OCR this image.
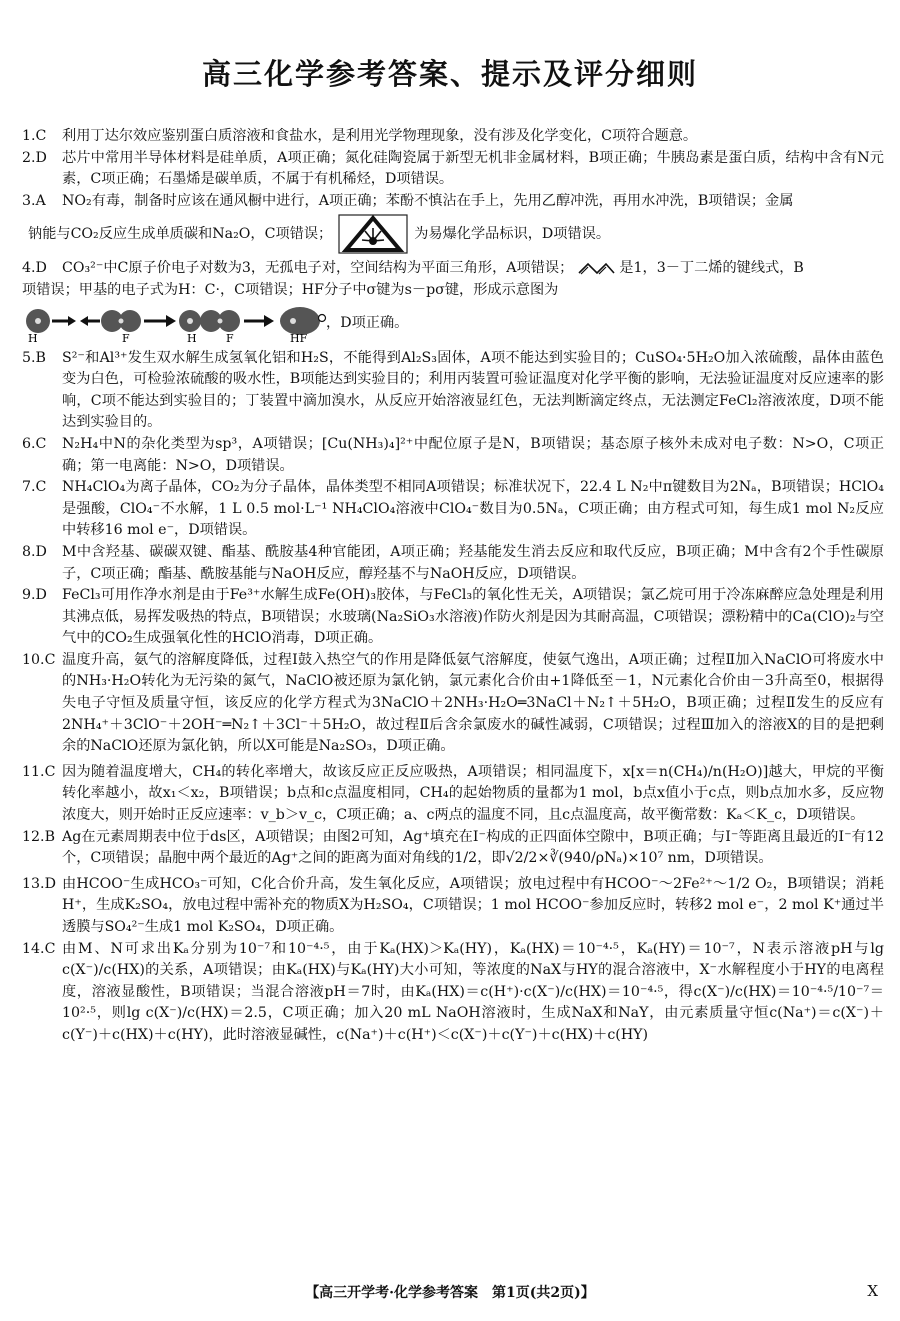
高三化学参考答案、提示及评分细则
1.C	利用丁达尔效应鉴别蛋白质溶液和食盐水，是利用光学物理现象，没有涉及化学变化，C项符合题意。
2.D	芯片中常用半导体材料是硅单质，A项正确；氮化硅陶瓷属于新型无机非金属材料，B项正确；牛胰岛素是蛋白质，结构中含有N元素，C项正确；石墨烯是碳单质，不属于有机稀烃，D项错误。
3.A	NO₂有毒，制备时应该在通风橱中进行，A项正确；苯酚不慎沾在手上，先用乙醇冲洗，再用水冲洗，B项错误；金属
钠能与CO₂反应生成单质碳和Na₂O，C项错误；	为易爆化学品标识，D项错误。
4.D	CO₃²⁻中C原子价电子对数为3，无孤电子对，空间结构为平面三角形，A项错误；	是1，3－丁二烯的键线式，B
项错误；甲基的电子式为H：C·，C项错误；HF分子中σ键为s－pσ键，形成示意图为
H	F
H	F	HF
，D项正确。
5.B	S²⁻和Al³⁺发生双水解生成氢氧化铝和H₂S，不能得到Al₂S₃固体，A项不能达到实验目的；CuSO₄·5H₂O加入浓硫酸，晶体由蓝色变为白色，可检验浓硫酸的吸水性，B项能达到实验目的；利用丙装置可验证温度对化学平衡的影响，无法验证温度对反应速率的影响，C项不能达到实验目的；丁装置中滴加溴水，从反应开始溶液显红色，无法判断滴定终点，无法测定FeCl₂溶液浓度，D项不能达到实验目的。
6.C	N₂H₄中N的杂化类型为sp³，A项错误；[Cu(NH₃)₄]²⁺中配位原子是N，B项错误；基态原子核外未成对电子数：N>O，C项正确；第一电离能：N>O，D项错误。
7.C	NH₄ClO₄为离子晶体，CO₂为分子晶体，晶体类型不相同A项错误；标准状况下，22.4 L N₂中π键数目为2Nₐ，B项错误；HClO₄是强酸，ClO₄⁻不水解，1 L 0.5 mol·L⁻¹ NH₄ClO₄溶液中ClO₄⁻数目为0.5Nₐ，C项正确；由方程式可知，每生成1 mol N₂反应中转移16 mol e⁻，D项错误。
8.D	M中含羟基、碳碳双键、酯基、酰胺基4种官能团，A项正确；羟基能发生消去反应和取代反应，B项正确；M中含有2个手性碳原子，C项正确；酯基、酰胺基能与NaOH反应，醇羟基不与NaOH反应，D项错误。
9.D	FeCl₃可用作净水剂是由于Fe³⁺水解生成Fe(OH)₃胶体，与FeCl₃的氧化性无关，A项错误；氯乙烷可用于冷冻麻醉应急处理是利用其沸点低，易挥发吸热的特点，B项错误；水玻璃(Na₂SiO₃水溶液)作防火剂是因为其耐高温，C项错误；漂粉精中的Ca(ClO)₂与空气中的CO₂生成强氧化性的HClO消毒，D项正确。
10.C 温度升高，氨气的溶解度降低，过程Ⅰ鼓入热空气的作用是降低氨气溶解度，使氨气逸出，A项正确；过程Ⅱ加入NaClO可将废水中的NH₃·H₂O转化为无污染的氮气，NaClO被还原为氯化钠，氯元素化合价由+1降低至－1，N元素化合价由－3升高至0，根据得失电子守恒及质量守恒，该反应的化学方程式为3NaClO＋2NH₃·H₂O═3NaCl＋N₂↑＋5H₂O，B项正确；过程Ⅱ发生的反应有2NH₄⁺＋3ClO⁻＋2OH⁻═N₂↑＋3Cl⁻＋5H₂O，故过程Ⅱ后含余氯废水的碱性减弱，C项错误；过程Ⅲ加入的溶液X的目的是把剩余的NaClO还原为氯化钠，所以X可能是Na₂SO₃，D项正确。
11.C 因为随着温度增大，CH₄的转化率增大，故该反应正反应吸热，A项错误；相同温度下，x[x＝n(CH₄)/n(H₂O)]越大，甲烷的平衡转化率越小，故x₁＜x₂，B项错误；b点和c点温度相同，CH₄的起始物质的量都为1 mol，b点x值小于c点，则b点加水多，反应物浓度大，则开始时正反应速率：v_b＞v_c，C项正确；a、c两点的温度不同，且c点温度高，故平衡常数：Kₐ＜K_c，D项错误。
12.B Ag在元素周期表中位于ds区，A项错误；由图2可知，Ag⁺填充在I⁻构成的正四面体空隙中，B项正确；与I⁻等距离且最近的I⁻有12个，C项错误；晶胞中两个最近的Ag⁺之间的距离为面对角线的1/2，即√2/2×∛(940/ρNₐ)×10⁷ nm，D项错误。
13.D 由HCOO⁻生成HCO₃⁻可知，C化合价升高，发生氧化反应，A项错误；放电过程中有HCOO⁻～2Fe²⁺～1/2 O₂，B项错误；消耗H⁺，生成K₂SO₄，放电过程中需补充的物质X为H₂SO₄，C项错误；1 mol HCOO⁻参加反应时，转移2 mol e⁻，2 mol K⁺通过半透膜与SO₄²⁻生成1 mol K₂SO₄，D项正确。
14.C 由M、N可求出Kₐ分别为10⁻⁷和10⁻⁴·⁵，由于Kₐ(HX)＞Kₐ(HY)，Kₐ(HX)＝10⁻⁴·⁵，Kₐ(HY)＝10⁻⁷，N表示溶液pH与lg c(X⁻)/c(HX)的关系，A项错误；由Kₐ(HX)与Kₐ(HY)大小可知，等浓度的NaX与HY的混合溶液中，X⁻水解程度小于HY的电离程度，溶液显酸性，B项错误；当混合溶液pH＝7时，由Kₐ(HX)＝c(H⁺)·c(X⁻)/c(HX)＝10⁻⁴·⁵，得c(X⁻)/c(HX)＝10⁻⁴·⁵/10⁻⁷＝10²·⁵，则lg c(X⁻)/c(HX)＝2.5，C项正确；加入20 mL NaOH溶液时，生成NaX和NaY，由元素质量守恒c(Na⁺)＝c(X⁻)＋c(Y⁻)＋c(HX)＋c(HY)，此时溶液显碱性，c(Na⁺)＋c(H⁺)＜c(X⁻)＋c(Y⁻)＋c(HX)＋c(HY)
【高三开学考·化学参考答案　第1页(共2页)】	X
